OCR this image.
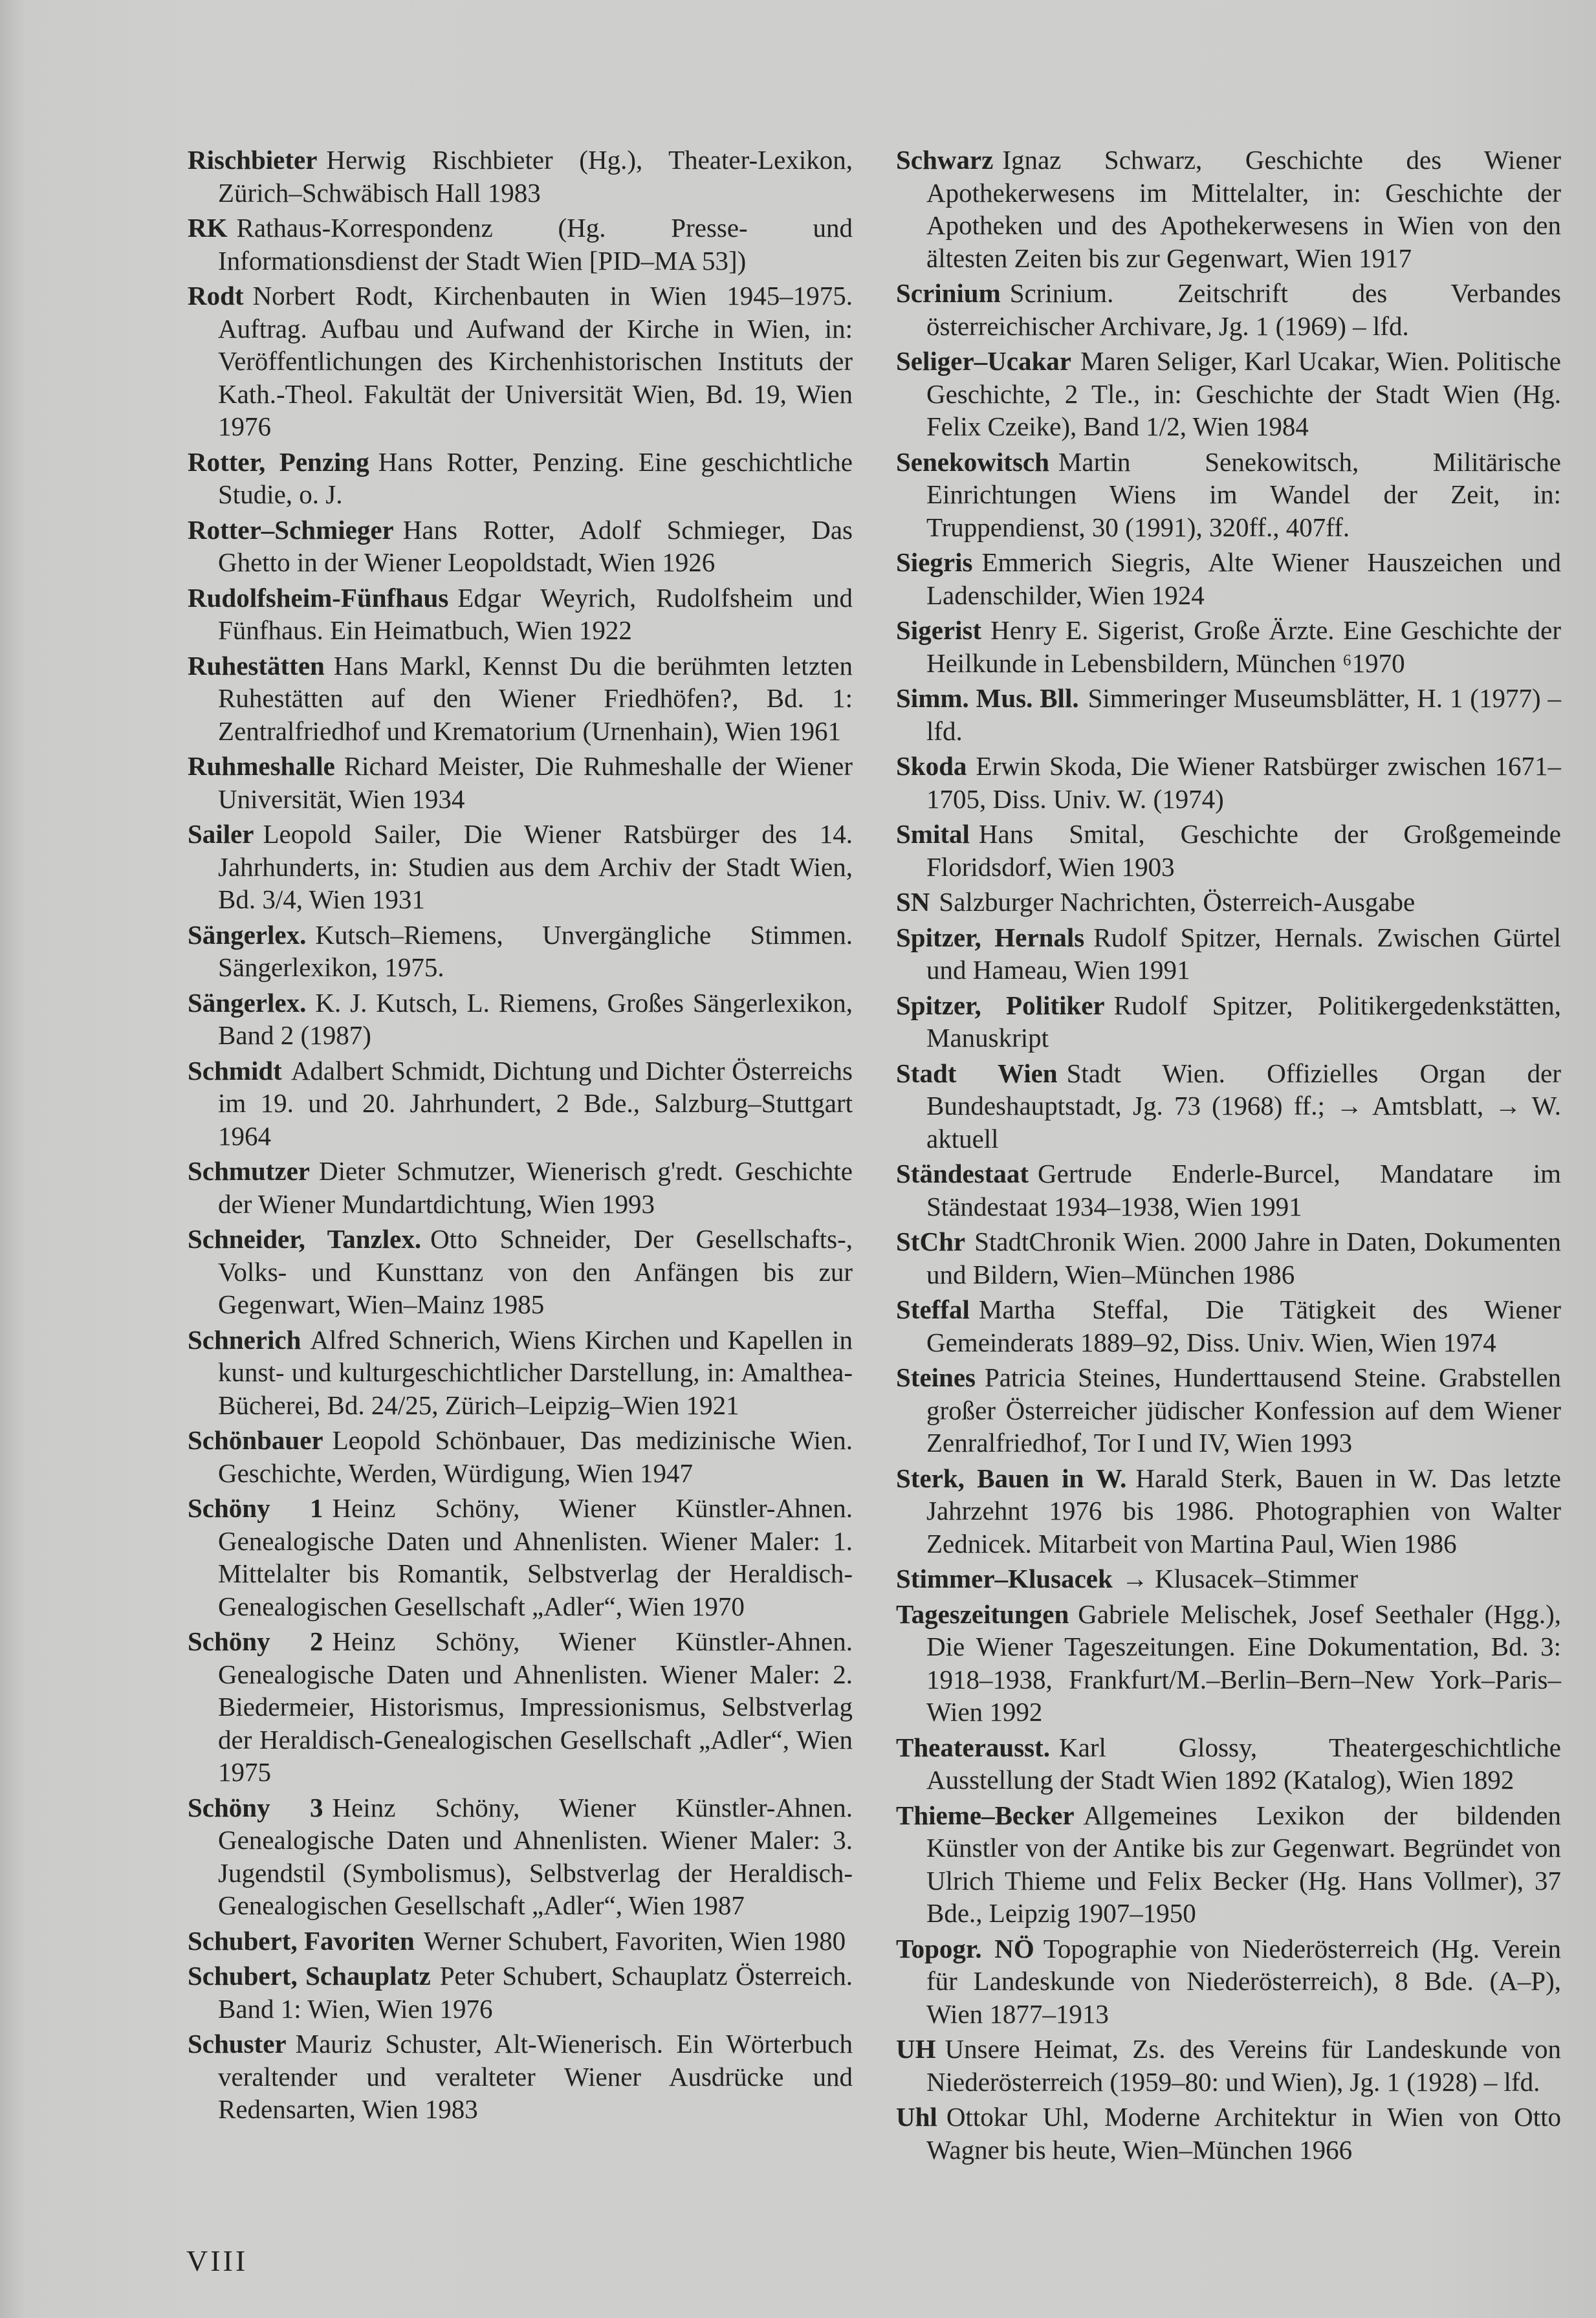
Rischbieter Herwig Rischbieter (Hg.), Theater-Lexikon, Zürich–Schwäbisch Hall 1983

RK Rathaus-Korrespondenz (Hg. Presse- und Informationsdienst der Stadt Wien [PID–MA 53])

Rodt Norbert Rodt, Kirchenbauten in Wien 1945–1975. Auftrag. Aufbau und Aufwand der Kirche in Wien, in: Veröffentlichungen des Kirchenhistorischen Instituts der Kath.-Theol. Fakultät der Universität Wien, Bd. 19, Wien 1976

Rotter, Penzing Hans Rotter, Penzing. Eine geschichtliche Studie, o. J.

Rotter–Schmieger Hans Rotter, Adolf Schmieger, Das Ghetto in der Wiener Leopoldstadt, Wien 1926

Rudolfsheim-Fünfhaus Edgar Weyrich, Rudolfsheim und Fünfhaus. Ein Heimatbuch, Wien 1922

Ruhestätten Hans Markl, Kennst Du die berühmten letzten Ruhestätten auf den Wiener Friedhöfen?, Bd. 1: Zentralfriedhof und Krematorium (Urnenhain), Wien 1961

Ruhmeshalle Richard Meister, Die Ruhmeshalle der Wiener Universität, Wien 1934

Sailer Leopold Sailer, Die Wiener Ratsbürger des 14. Jahrhunderts, in: Studien aus dem Archiv der Stadt Wien, Bd. 3/4, Wien 1931

Sängerlex. Kutsch–Riemens, Unvergängliche Stimmen. Sängerlexikon, 1975.

Sängerlex. K. J. Kutsch, L. Riemens, Großes Sängerlexikon, Band 2 (1987)

Schmidt Adalbert Schmidt, Dichtung und Dichter Österreichs im 19. und 20. Jahrhundert, 2 Bde., Salzburg–Stuttgart 1964

Schmutzer Dieter Schmutzer, Wienerisch g'redt. Geschichte der Wiener Mundartdichtung, Wien 1993

Schneider, Tanzlex. Otto Schneider, Der Gesellschafts-, Volks- und Kunsttanz von den Anfängen bis zur Gegenwart, Wien–Mainz 1985

Schnerich Alfred Schnerich, Wiens Kirchen und Kapellen in kunst- und kulturgeschichtlicher Darstellung, in: Amalthea-Bücherei, Bd. 24/25, Zürich–Leipzig–Wien 1921

Schönbauer Leopold Schönbauer, Das medizinische Wien. Geschichte, Werden, Würdigung, Wien 1947

Schöny 1 Heinz Schöny, Wiener Künstler-Ahnen. Genealogische Daten und Ahnenlisten. Wiener Maler: 1. Mittelalter bis Romantik, Selbstverlag der Heraldisch-Genealogischen Gesellschaft „Adler“, Wien 1970

Schöny 2 Heinz Schöny, Wiener Künstler-Ahnen. Genealogische Daten und Ahnenlisten. Wiener Maler: 2. Biedermeier, Historismus, Impressionismus, Selbstverlag der Heraldisch-Genealogischen Gesellschaft „Adler“, Wien 1975

Schöny 3 Heinz Schöny, Wiener Künstler-Ahnen. Genealogische Daten und Ahnenlisten. Wiener Maler: 3. Jugendstil (Symbolismus), Selbstverlag der Heraldisch-Genealogischen Gesellschaft „Adler“, Wien 1987

Schubert, Favoriten Werner Schubert, Favoriten, Wien 1980

Schubert, Schauplatz Peter Schubert, Schauplatz Österreich. Band 1: Wien, Wien 1976

Schuster Mauriz Schuster, Alt-Wienerisch. Ein Wörterbuch veraltender und veralteter Wiener Ausdrücke und Redensarten, Wien 1983

Schwarz Ignaz Schwarz, Geschichte des Wiener Apothekerwesens im Mittelalter, in: Geschichte der Apotheken und des Apothekerwesens in Wien von den ältesten Zeiten bis zur Gegenwart, Wien 1917

Scrinium Scrinium. Zeitschrift des Verbandes österreichischer Archivare, Jg. 1 (1969) – lfd.

Seliger–Ucakar Maren Seliger, Karl Ucakar, Wien. Politische Geschichte, 2 Tle., in: Geschichte der Stadt Wien (Hg. Felix Czeike), Band 1/2, Wien 1984

Senekowitsch Martin Senekowitsch, Militärische Einrichtungen Wiens im Wandel der Zeit, in: Truppendienst, 30 (1991), 320ff., 407ff.

Siegris Emmerich Siegris, Alte Wiener Hauszeichen und Ladenschilder, Wien 1924

Sigerist Henry E. Sigerist, Große Ärzte. Eine Geschichte der Heilkunde in Lebensbildern, München ⁶1970

Simm. Mus. Bll. Simmeringer Museumsblätter, H. 1 (1977) – lfd.

Skoda Erwin Skoda, Die Wiener Ratsbürger zwischen 1671–1705, Diss. Univ. W. (1974)

Smital Hans Smital, Geschichte der Großgemeinde Floridsdorf, Wien 1903

SN Salzburger Nachrichten, Österreich-Ausgabe

Spitzer, Hernals Rudolf Spitzer, Hernals. Zwischen Gürtel und Hameau, Wien 1991

Spitzer, Politiker Rudolf Spitzer, Politikergedenkstätten, Manuskript

Stadt Wien Stadt Wien. Offizielles Organ der Bundeshauptstadt, Jg. 73 (1968) ff.; → Amtsblatt, → W. aktuell

Ständestaat Gertrude Enderle-Burcel, Mandatare im Ständestaat 1934–1938, Wien 1991

StChr StadtChronik Wien. 2000 Jahre in Daten, Dokumenten und Bildern, Wien–München 1986

Steffal Martha Steffal, Die Tätigkeit des Wiener Gemeinderats 1889–92, Diss. Univ. Wien, Wien 1974

Steines Patricia Steines, Hunderttausend Steine. Grabstellen großer Österreicher jüdischer Konfession auf dem Wiener Zenralfriedhof, Tor I und IV, Wien 1993

Sterk, Bauen in W. Harald Sterk, Bauen in W. Das letzte Jahrzehnt 1976 bis 1986. Photographien von Walter Zednicek. Mitarbeit von Martina Paul, Wien 1986

Stimmer–Klusacek → Klusacek–Stimmer

Tageszeitungen Gabriele Melischek, Josef Seethaler (Hgg.), Die Wiener Tageszeitungen. Eine Dokumentation, Bd. 3: 1918–1938, Frankfurt/M.–Berlin–Bern–New York–Paris–Wien 1992

Theaterausst. Karl Glossy, Theatergeschichtliche Ausstellung der Stadt Wien 1892 (Katalog), Wien 1892

Thieme–Becker Allgemeines Lexikon der bildenden Künstler von der Antike bis zur Gegenwart. Begründet von Ulrich Thieme und Felix Becker (Hg. Hans Vollmer), 37 Bde., Leipzig 1907–1950

Topogr. NÖ Topographie von Niederösterreich (Hg. Verein für Landeskunde von Niederösterreich), 8 Bde. (A–P), Wien 1877–1913

UH Unsere Heimat, Zs. des Vereins für Landeskunde von Niederösterreich (1959–80: und Wien), Jg. 1 (1928) – lfd.

Uhl Ottokar Uhl, Moderne Architektur in Wien von Otto Wagner bis heute, Wien–München 1966

VIII
